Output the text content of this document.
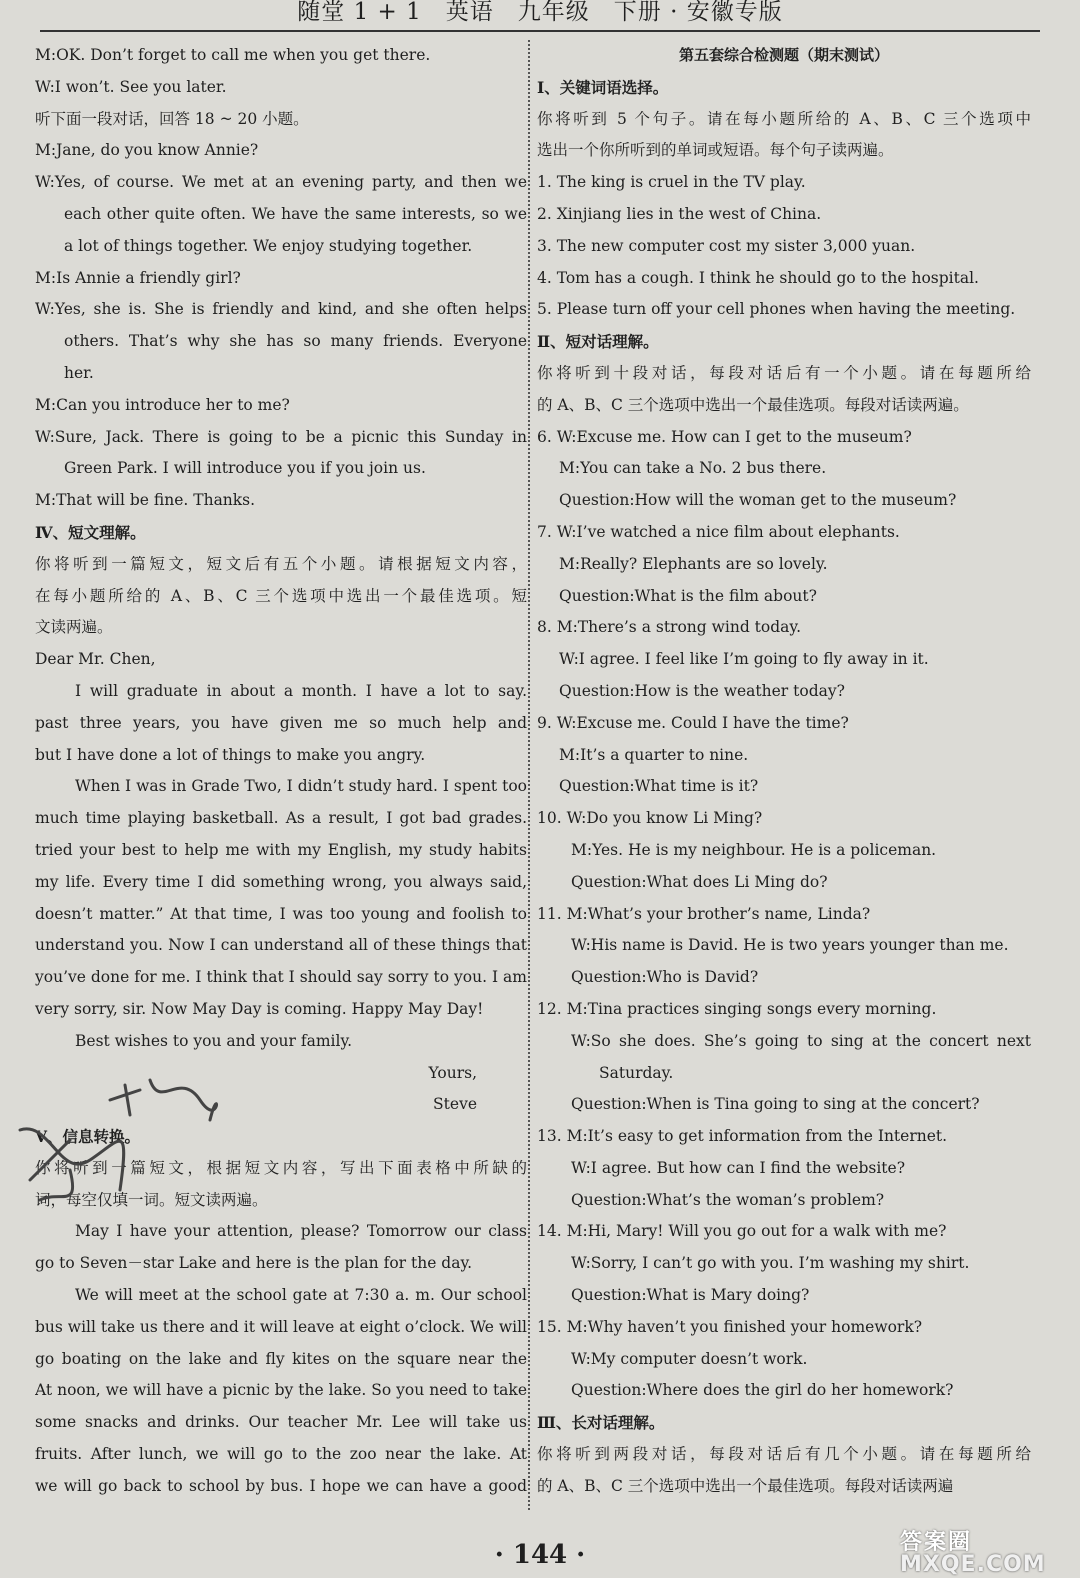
随堂 1 + 1　英语　九年级　下册 · 安徽专版
M:OK. Don’t forget to call me when you get there.
W:I won’t. See you later.
听下面一段对话，回答 18 ~ 20 小题。
M:Jane, do you know Annie?
W:Yes, of course. We met at an evening party, and then we
each other quite often. We have the same interests, so we
a lot of things together. We enjoy studying together.
M:Is Annie a friendly girl?
W:Yes, she is. She is friendly and kind, and she often helps
others. That’s why she has so many friends. Everyone
her.
M:Can you introduce her to me?
W:Sure, Jack. There is going to be a picnic this Sunday in
Green Park. I will introduce you if you join us.
M:That will be fine. Thanks.
Ⅳ、短文理解。
你将听到一篇短文，短文后有五个小题。请根据短文内容，
在每小题所给的 A、B、C 三个选项中选出一个最佳选项。短
文读两遍。
Dear Mr. Chen,
I will graduate in about a month. I have a lot to say.
past three years, you have given me so much help and
but I have done a lot of things to make you angry.
When I was in Grade Two, I didn’t study hard. I spent too
much time playing basketball. As a result, I got bad grades.
tried your best to help me with my English, my study habits
my life. Every time I did something wrong, you always said,
doesn’t matter.” At that time, I was too young and foolish to
understand you. Now I can understand all of these things that
you’ve done for me. I think that I should say sorry to you. I am
very sorry, sir. Now May Day is coming. Happy May Day!
Best wishes to you and your family.
Yours,
Steve
Ⅴ、信息转换。
你将听到一篇短文，根据短文内容，写出下面表格中所缺的
词，每空仅填一词。短文读两遍。
May I have your attention, please? Tomorrow our class
go to Seven－star Lake and here is the plan for the day.
We will meet at the school gate at 7:30 a. m. Our school
bus will take us there and it will leave at eight o’clock. We will
go boating on the lake and fly kites on the square near the
At noon, we will have a picnic by the lake. So you need to take
some snacks and drinks. Our teacher Mr. Lee will take us
fruits. After lunch, we will go to the zoo near the lake. At
we will go back to school by bus. I hope we can have a good
第五套综合检测题（期末测试）
Ⅰ、关键词语选择。
你将听到 5 个句子。请在每小题所给的 A、B、C 三个选项中
选出一个你所听到的单词或短语。每个句子读两遍。
1. The king is cruel in the TV play.
2. Xinjiang lies in the west of China.
3. The new computer cost my sister 3,000 yuan.
4. Tom has a cough. I think he should go to the hospital.
5. Please turn off your cell phones when having the meeting.
Ⅱ、短对话理解。
你将听到十段对话，每段对话后有一个小题。请在每题所给
的 A、B、C 三个选项中选出一个最佳选项。每段对话读两遍。
6. W:Excuse me. How can I get to the museum?
M:You can take a No. 2 bus there.
Question:How will the woman get to the museum?
7. W:I’ve watched a nice film about elephants.
M:Really? Elephants are so lovely.
Question:What is the film about?
8. M:There’s a strong wind today.
W:I agree. I feel like I’m going to fly away in it.
Question:How is the weather today?
9. W:Excuse me. Could I have the time?
M:It’s a quarter to nine.
Question:What time is it?
10. W:Do you know Li Ming?
M:Yes. He is my neighbour. He is a policeman.
Question:What does Li Ming do?
11. M:What’s your brother’s name, Linda?
W:His name is David. He is two years younger than me.
Question:Who is David?
12. M:Tina practices singing songs every morning.
W:So she does. She’s going to sing at the concert next
Saturday.
Question:When is Tina going to sing at the concert?
13. M:It’s easy to get information from the Internet.
W:I agree. But how can I find the website?
Question:What’s the woman’s problem?
14. M:Hi, Mary! Will you go out for a walk with me?
W:Sorry, I can’t go with you. I’m washing my shirt.
Question:What is Mary doing?
15. M:Why haven’t you finished your homework?
W:My computer doesn’t work.
Question:Where does the girl do her homework?
Ⅲ、长对话理解。
你将听到两段对话，每段对话后有几个小题。请在每题所给
的 A、B、C 三个选项中选出一个最佳选项。每段对话读两遍
· 144 ·	答案圈
MXQE.COM
